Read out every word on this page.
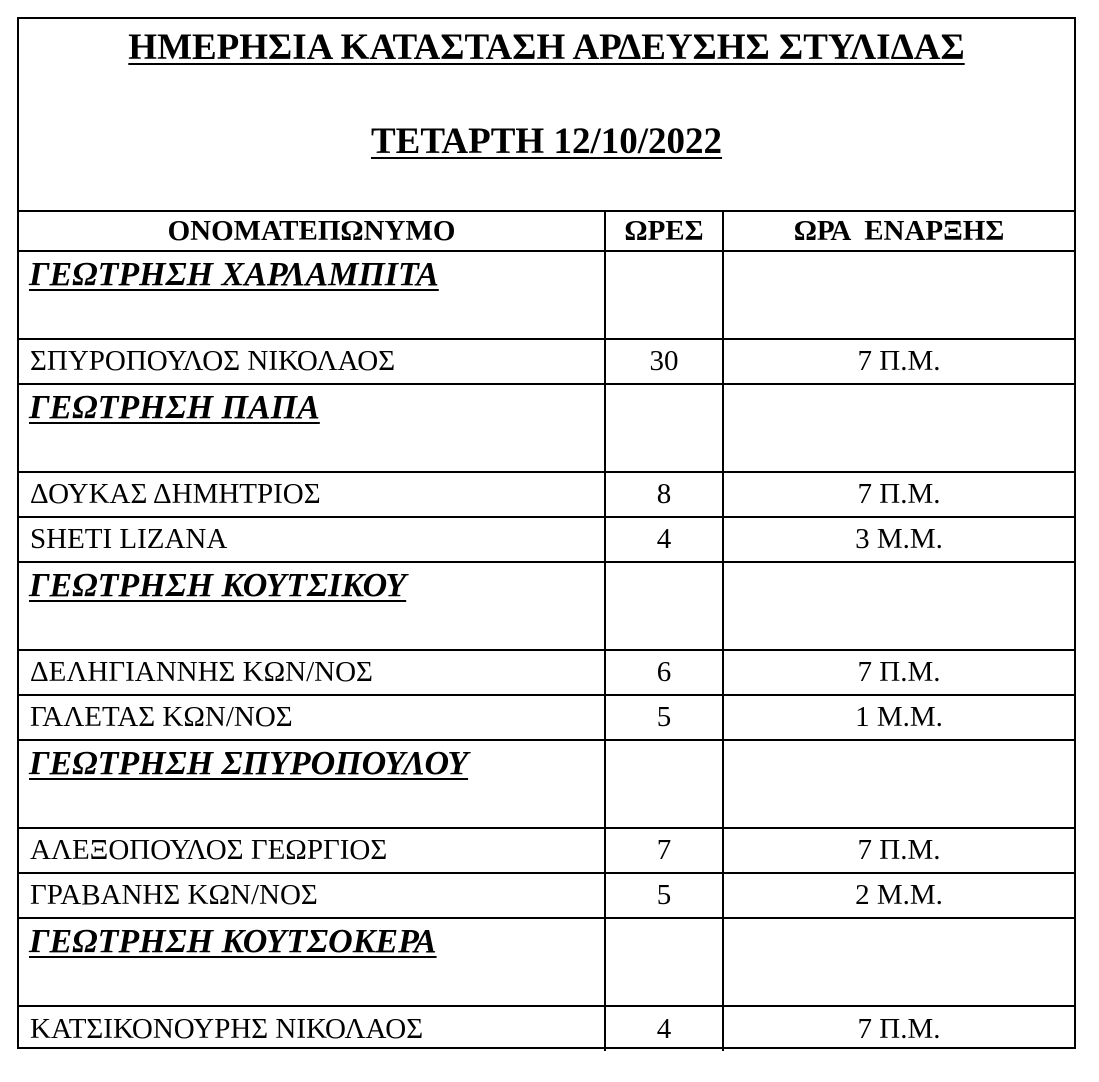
ΗΜΕΡΗΣΙΑ ΚΑΤΑΣΤΑΣΗ ΑΡΔΕΥΣΗΣ ΣΤΥΛΙΔΑΣ
ΤΕΤΑΡΤΗ 12/10/2022
ΟΝΟΜΑΤΕΠΩΝΥΜΟ	ΩΡΕΣ	ΩΡΑ  ΕΝΑΡΞΗΣ
ΓΕΩΤΡΗΣΗ ΧΑΡΛΑΜΠΙΤΑ		
ΣΠΥΡΟΠΟΥΛΟΣ ΝΙΚΟΛΑΟΣ	30	7 Π.Μ.
ΓΕΩΤΡΗΣΗ ΠΑΠΑ		
ΔΟΥΚΑΣ ΔΗΜΗΤΡΙΟΣ	8	7 Π.Μ.
SHETI LIZANA	4	3 Μ.Μ.
ΓΕΩΤΡΗΣΗ ΚΟΥΤΣΙΚΟΥ		
ΔΕΛΗΓΙΑΝΝΗΣ ΚΩΝ/ΝΟΣ	6	7 Π.Μ.
ΓΑΛΕΤΑΣ ΚΩΝ/ΝΟΣ	5	1 Μ.Μ.
ΓΕΩΤΡΗΣΗ ΣΠΥΡΟΠΟΥΛΟΥ		
ΑΛΕΞΟΠΟΥΛΟΣ ΓΕΩΡΓΙΟΣ	7	7 Π.Μ.
ΓΡΑΒΑΝΗΣ ΚΩΝ/ΝΟΣ	5	2 Μ.Μ.
ΓΕΩΤΡΗΣΗ ΚΟΥΤΣΟΚΕΡΑ		
ΚΑΤΣΙΚΟΝΟΥΡΗΣ ΝΙΚΟΛΑΟΣ	4	7 Π.Μ.
